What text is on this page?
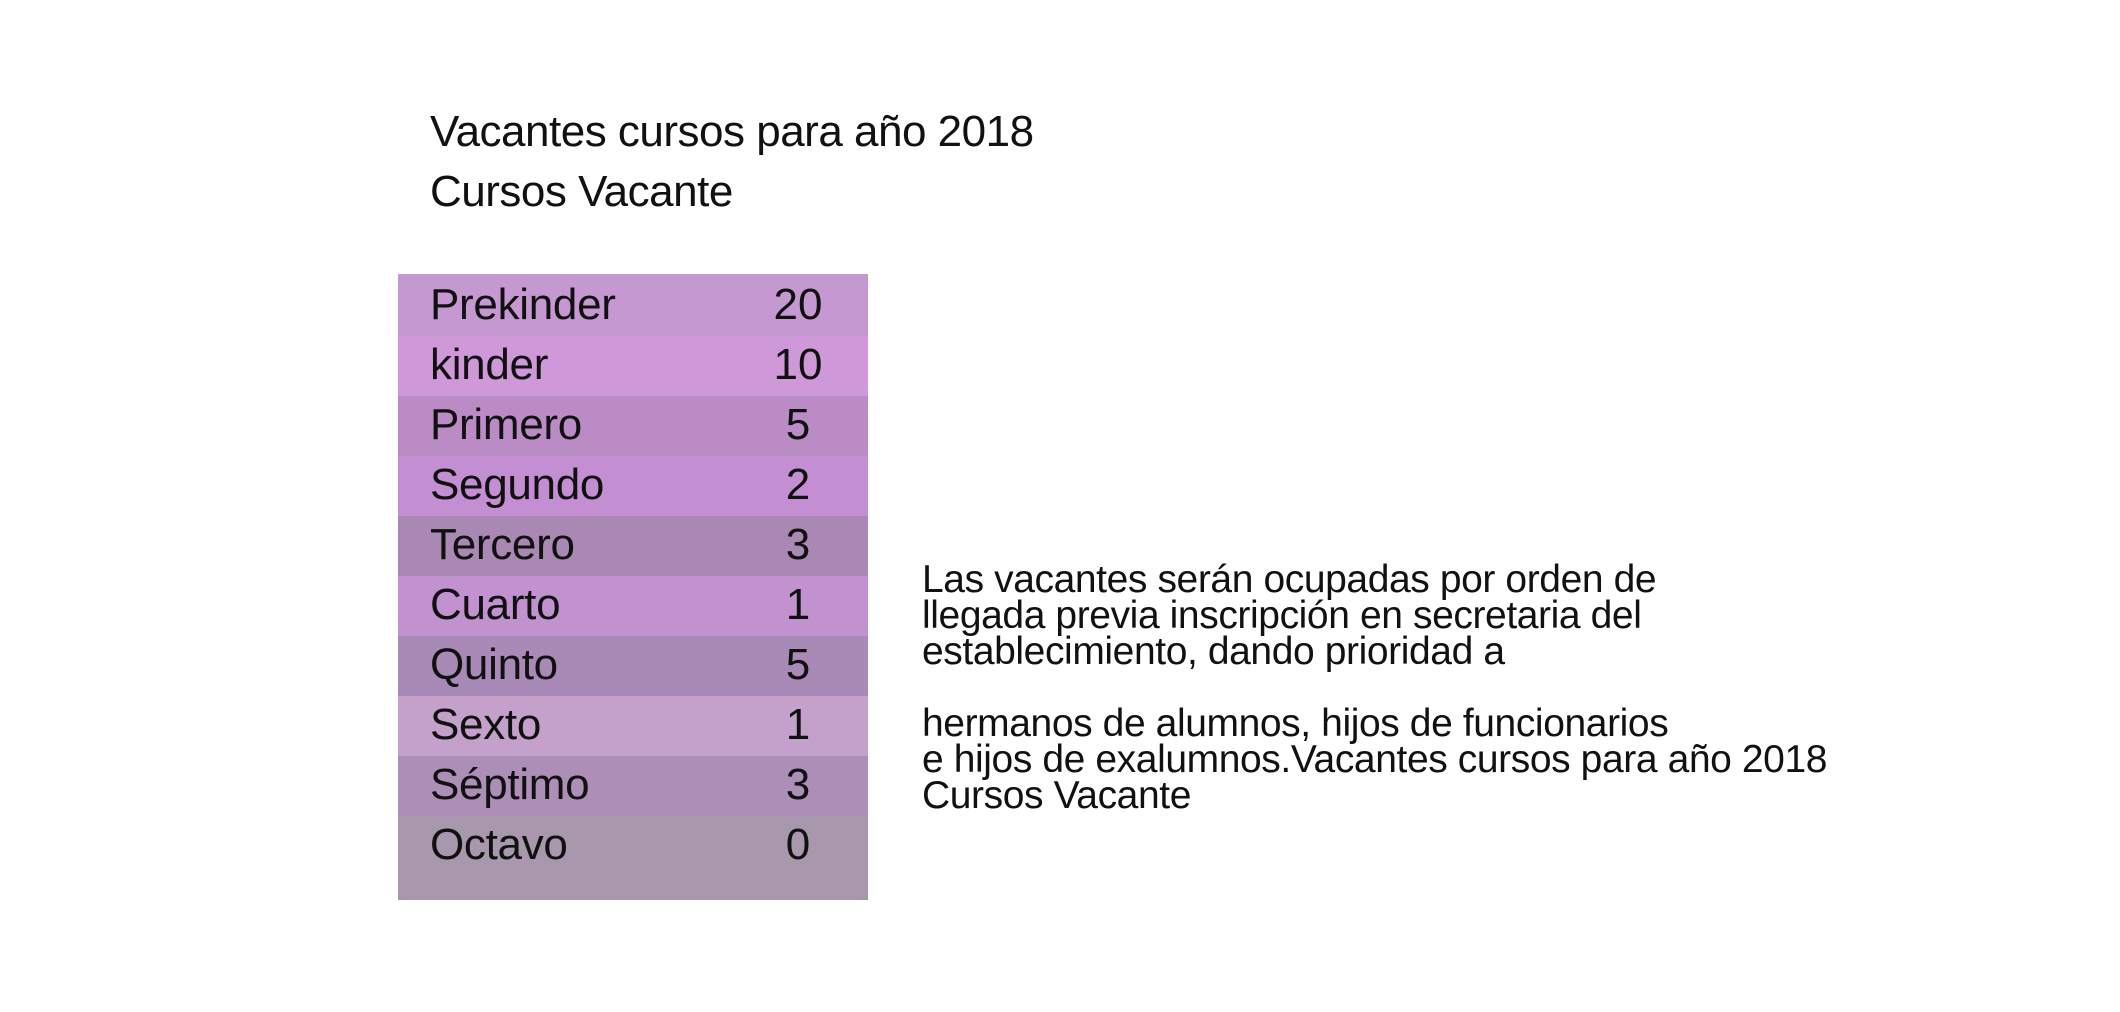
Vacantes cursos para año 2018
Cursos Vacante
Prekinder	20
kinder	10
Primero	5
Segundo	2
Tercero	3
Cuarto	1
Quinto	5
Sexto	1
Séptimo	3
Octavo	0
Las vacantes serán ocupadas por orden de
llegada previa inscripción en secretaria del
establecimiento, dando prioridad a
hermanos de alumnos, hijos de funcionarios
e hijos de exalumnos.Vacantes cursos para año 2018
Cursos Vacante
